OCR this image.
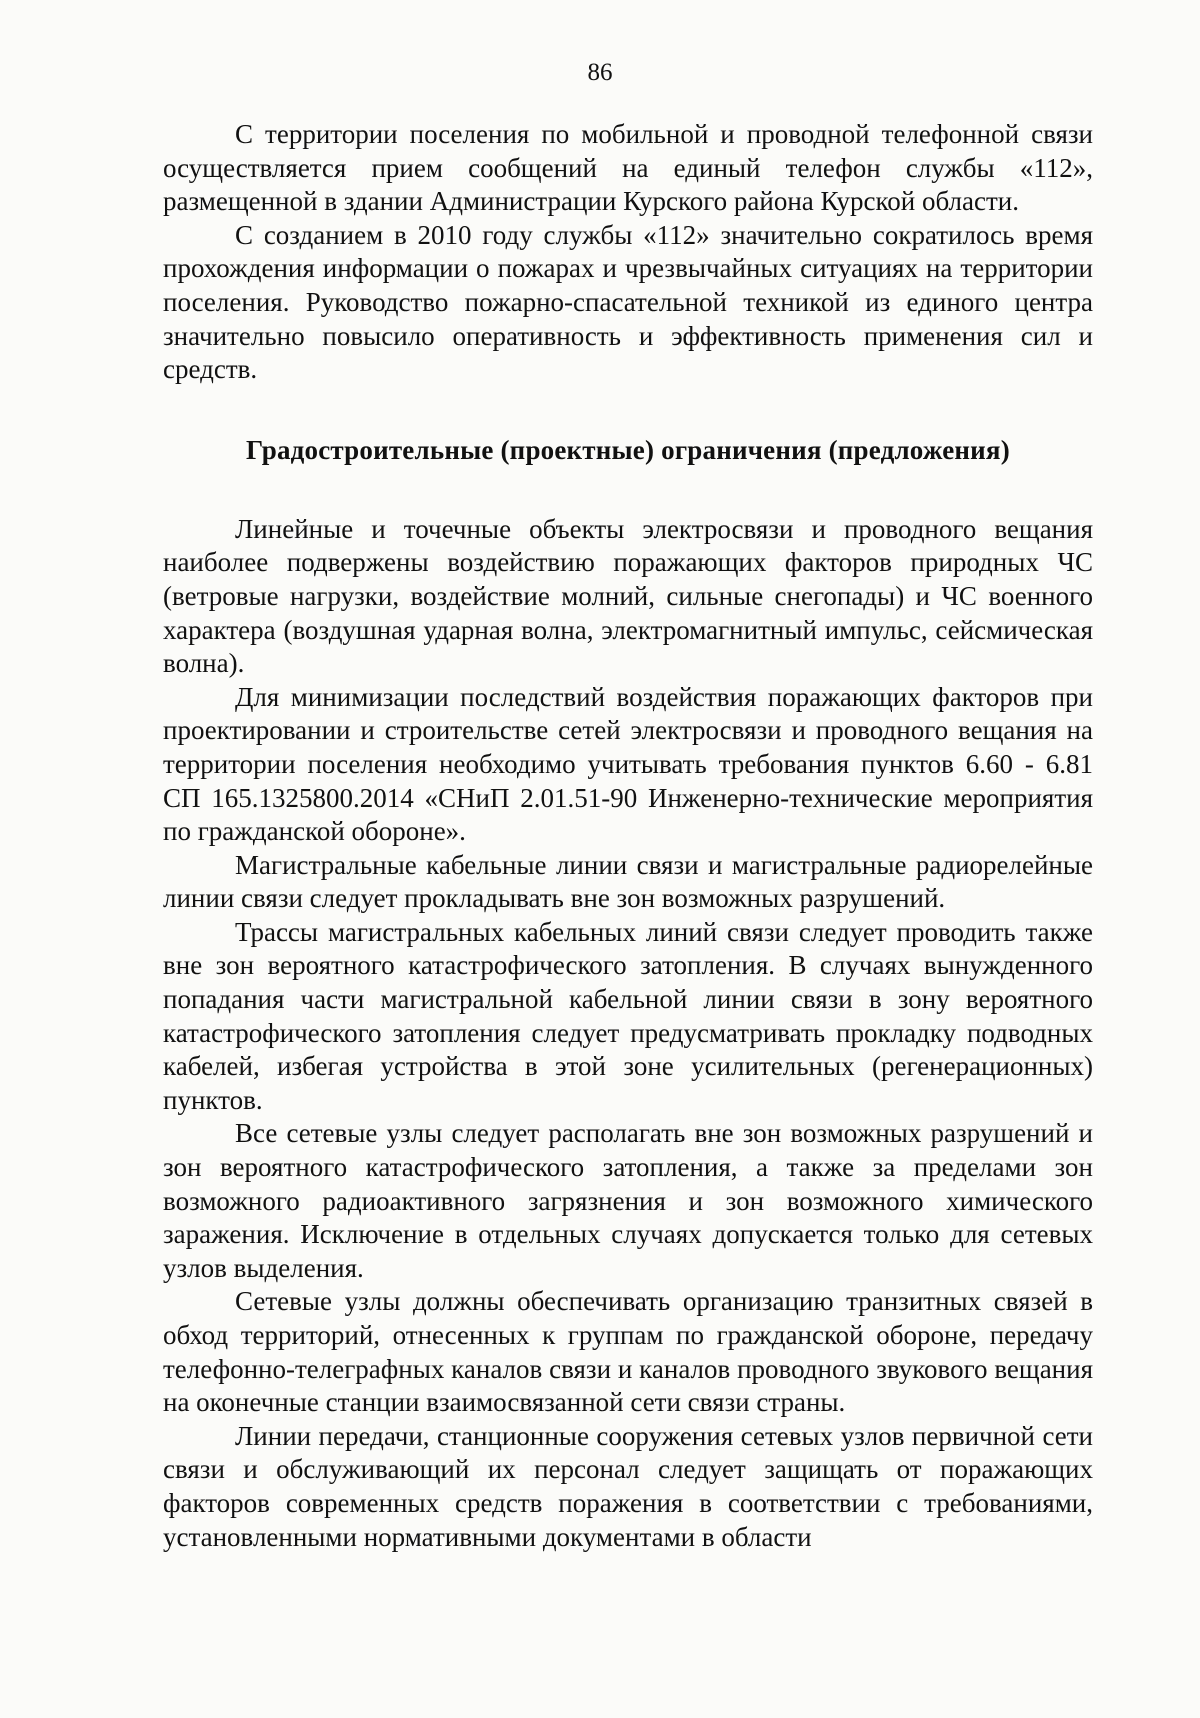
86

С территории поселения по мобильной и проводной телефонной связи осуществляется прием сообщений на единый телефон службы «112», размещенной в здании Администрации Курского района Курской области.

С созданием в 2010 году службы «112» значительно сократилось время прохождения информации о пожарах и чрезвычайных ситуациях на территории поселения. Руководство пожарно-спасательной техникой из единого центра значительно повысило оперативность и эффективность применения сил и средств.

Градостроительные (проектные) ограничения (предложения)

Линейные и точечные объекты электросвязи и проводного вещания наиболее подвержены воздействию поражающих факторов природных ЧС (ветровые нагрузки, воздействие молний, сильные снегопады) и ЧС военного характера (воздушная ударная волна, электромагнитный импульс, сейсмическая волна).

Для минимизации последствий воздействия поражающих факторов при проектировании и строительстве сетей электросвязи и проводного вещания на территории поселения необходимо учитывать требования пунктов 6.60 - 6.81 СП 165.1325800.2014 «СНиП 2.01.51-90 Инженерно-технические мероприятия по гражданской обороне».

Магистральные кабельные линии связи и магистральные радиорелейные линии связи следует прокладывать вне зон возможных разрушений.

Трассы магистральных кабельных линий связи следует проводить также вне зон вероятного катастрофического затопления. В случаях вынужденного попадания части магистральной кабельной линии связи в зону вероятного катастрофического затопления следует предусматривать прокладку подводных кабелей, избегая устройства в этой зоне усилительных (регенерационных) пунктов.

Все сетевые узлы следует располагать вне зон возможных разрушений и зон вероятного катастрофического затопления, а также за пределами зон возможного радиоактивного загрязнения и зон возможного химического заражения. Исключение в отдельных случаях допускается только для сетевых узлов выделения.

Сетевые узлы должны обеспечивать организацию транзитных связей в обход территорий, отнесенных к группам по гражданской обороне, передачу телефонно-телеграфных каналов связи и каналов проводного звукового вещания на оконечные станции взаимосвязанной сети связи страны.

Линии передачи, станционные сооружения сетевых узлов первичной сети связи и обслуживающий их персонал следует защищать от поражающих факторов современных средств поражения в соответствии с требованиями, установленными нормативными документами в области
